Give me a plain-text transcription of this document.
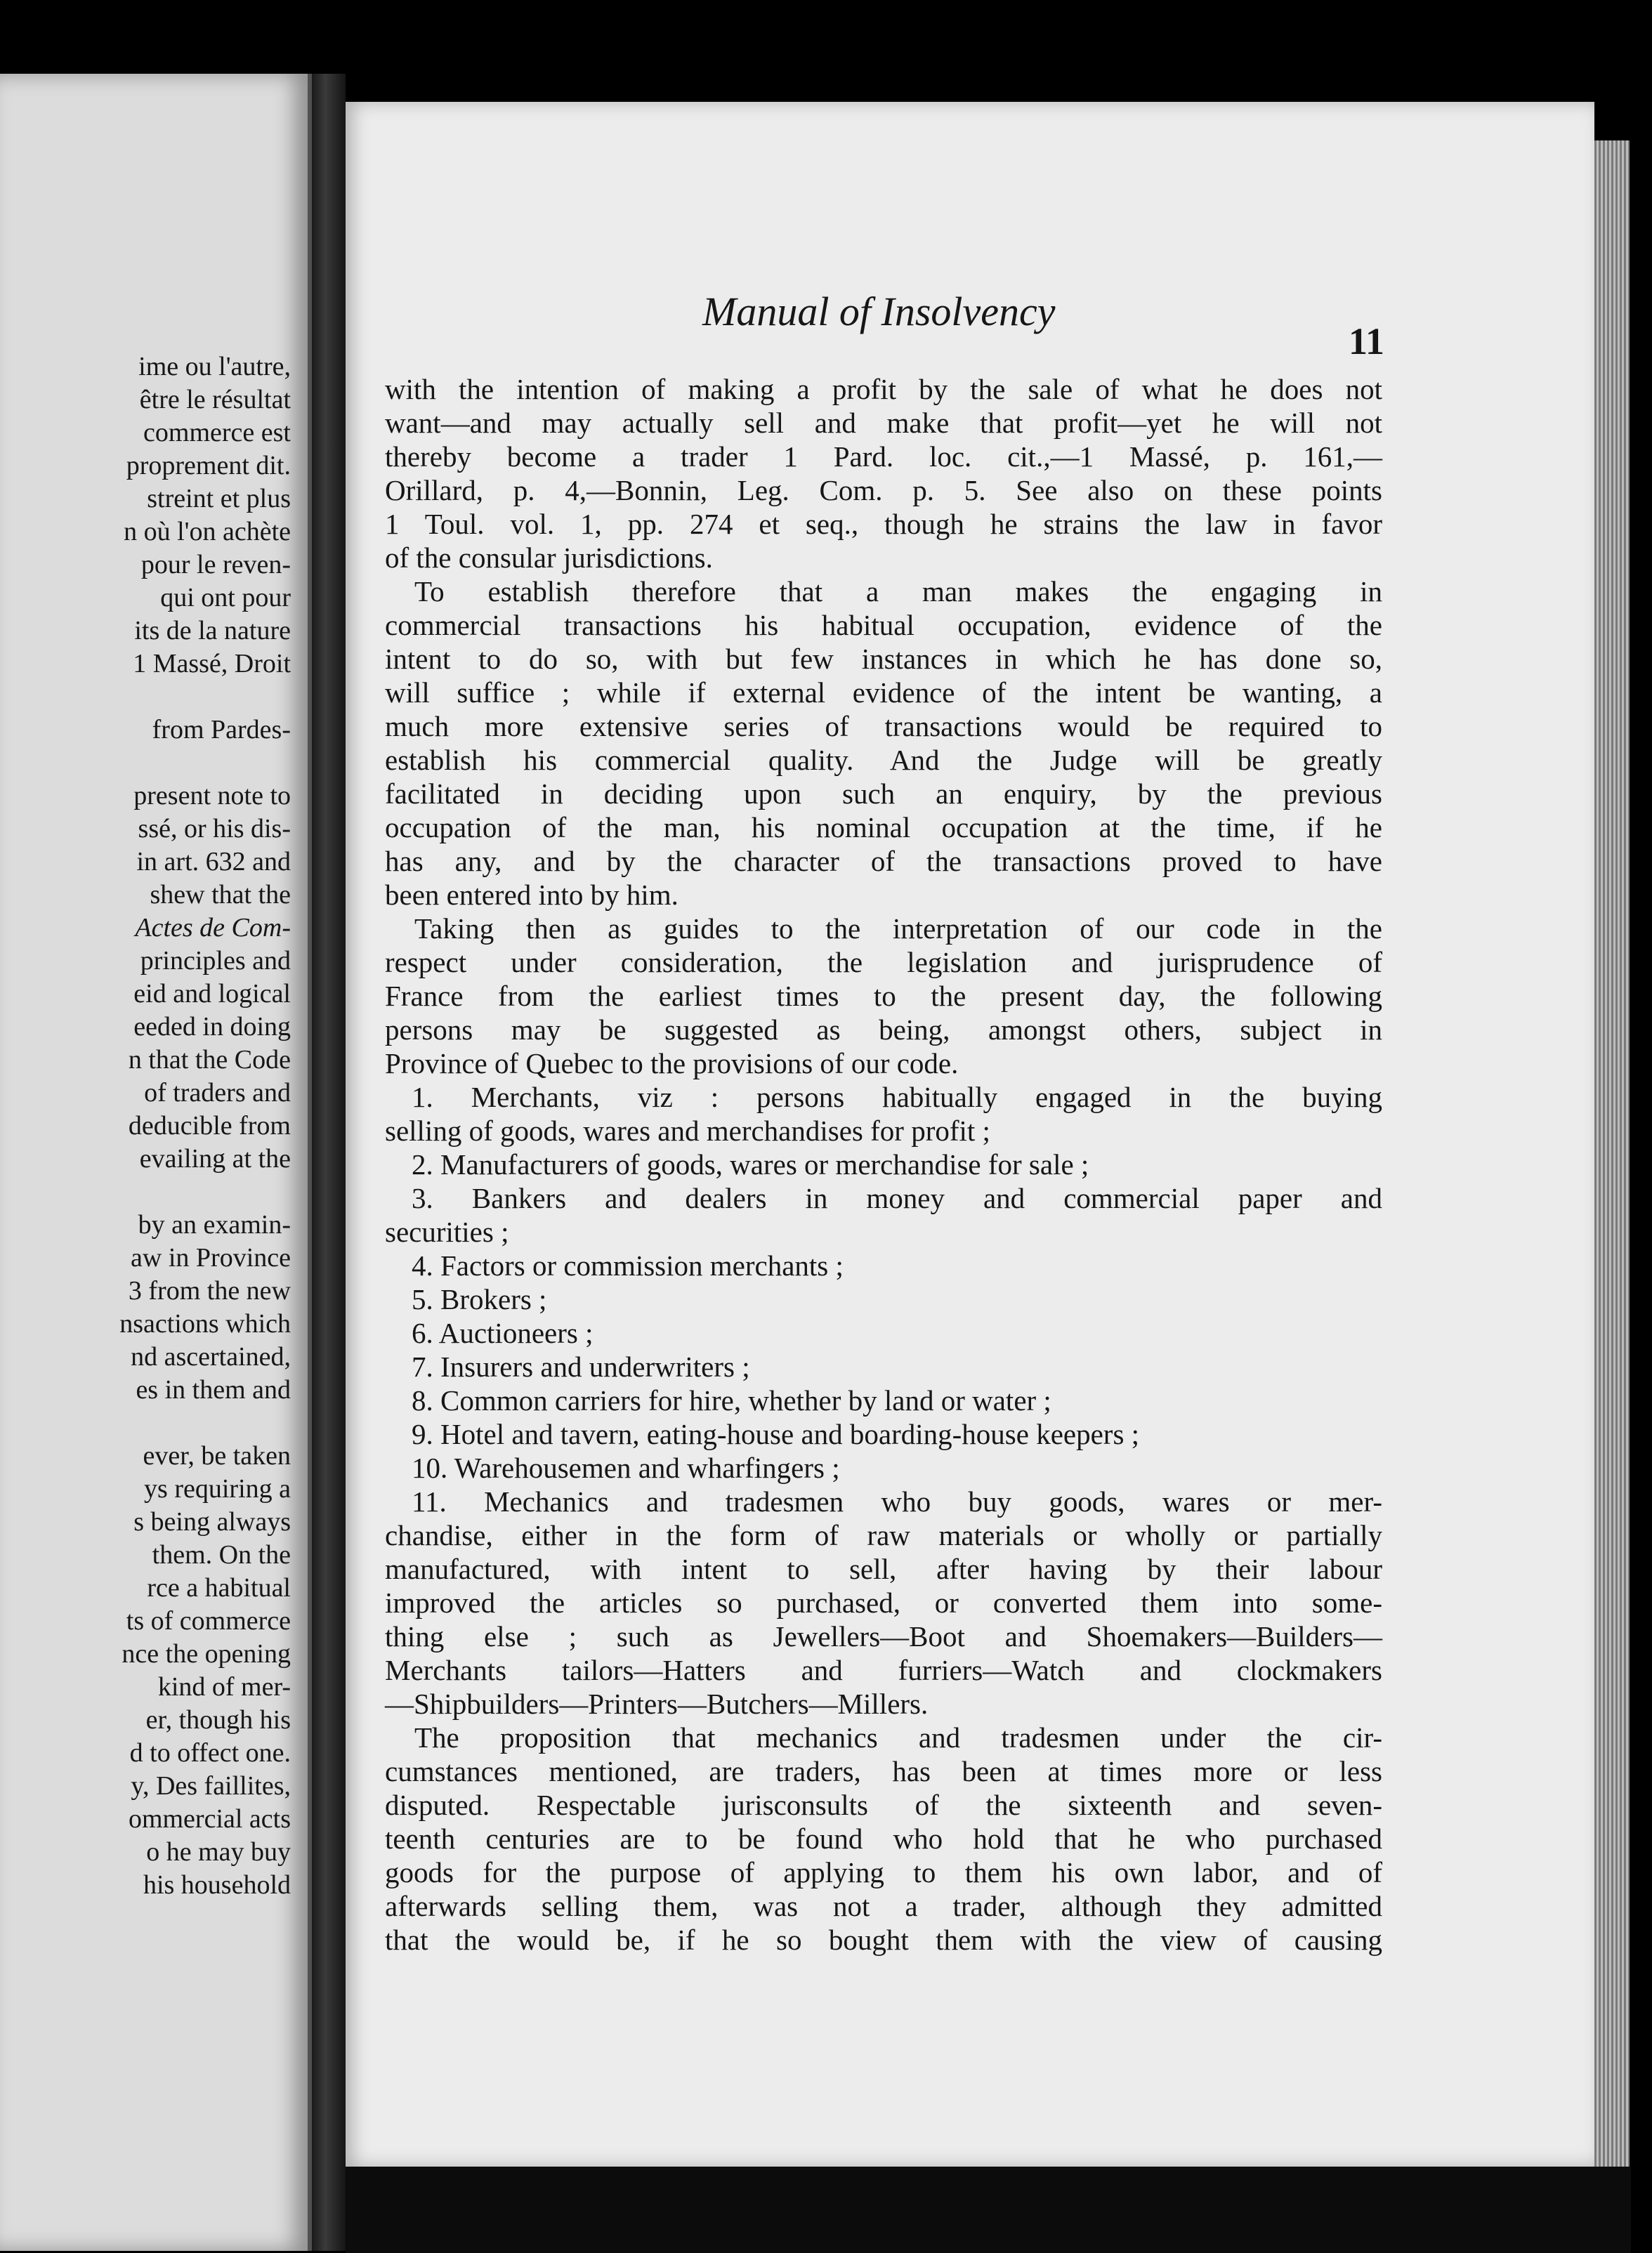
ime ou l'autre,
être le résultat
commerce est
proprement dit.
streint et plus
n où l'on achète
pour le reven-
qui ont pour
its de la nature
1 Massé, Droit
from Pardes-
present note to
ssé, or his dis-
in art. 632 and
shew that the
Actes de Com-
principles and
eid and logical
eeded in doing
n that the Code
of traders and
deducible from
evailing at the
by an examin-
aw in Province
3 from the new
nsactions which
nd ascertained,
es in them and
ever, be taken
ys requiring a
s being always
them. On the
rce a habitual
ts of commerce
nce the opening
kind of mer-
er, though his
d to offect one.
y, Des faillites,
ommercial acts
o he may buy
his household
Manual of Insolvency
11
with the intention of making a profit by the sale of what he does not
want—and may actually sell and make that profit—yet he will not
thereby become a trader 1 Pard. loc. cit.,—1 Massé, p. 161,—
Orillard, p. 4,—Bonnin, Leg. Com. p. 5. See also on these points
1 Toul. vol. 1, pp. 274 et seq., though he strains the law in favor
of the consular jurisdictions.
To establish therefore that a man makes the engaging in
commercial transactions his habitual occupation, evidence of the
intent to do so, with but few instances in which he has done so,
will suffice ; while if external evidence of the intent be wanting, a
much more extensive series of transactions would be required to
establish his commercial quality. And the Judge will be greatly
facilitated in deciding upon such an enquiry, by the previous
occupation of the man, his nominal occupation at the time, if he
has any, and by the character of the transactions proved to have
been entered into by him.
Taking then as guides to the interpretation of our code in the
respect under consideration, the legislation and jurisprudence of
France from the earliest times to the present day, the following
persons may be suggested as being, amongst others, subject in
Province of Quebec to the provisions of our code.
1. Merchants, viz : persons habitually engaged in the buying
selling of goods, wares and merchandises for profit ;
2. Manufacturers of goods, wares or merchandise for sale ;
3. Bankers and dealers in money and commercial paper and
securities ;
4. Factors or commission merchants ;
5. Brokers ;
6. Auctioneers ;
7. Insurers and underwriters ;
8. Common carriers for hire, whether by land or water ;
9. Hotel and tavern, eating-house and boarding-house keepers ;
10. Warehousemen and wharfingers ;
11. Mechanics and tradesmen who buy goods, wares or mer-
chandise, either in the form of raw materials or wholly or partially
manufactured, with intent to sell, after having by their labour
improved the articles so purchased, or converted them into some-
thing else ; such as Jewellers—Boot and Shoemakers—Builders—
Merchants tailors—Hatters and furriers—Watch and clockmakers
—Shipbuilders—Printers—Butchers—Millers.
The proposition that mechanics and tradesmen under the cir-
cumstances mentioned, are traders, has been at times more or less
disputed. Respectable jurisconsults of the sixteenth and seven-
teenth centuries are to be found who hold that he who purchased
goods for the purpose of applying to them his own labor, and of
afterwards selling them, was not a trader, although they admitted
that the would be, if he so bought them with the view of causing
